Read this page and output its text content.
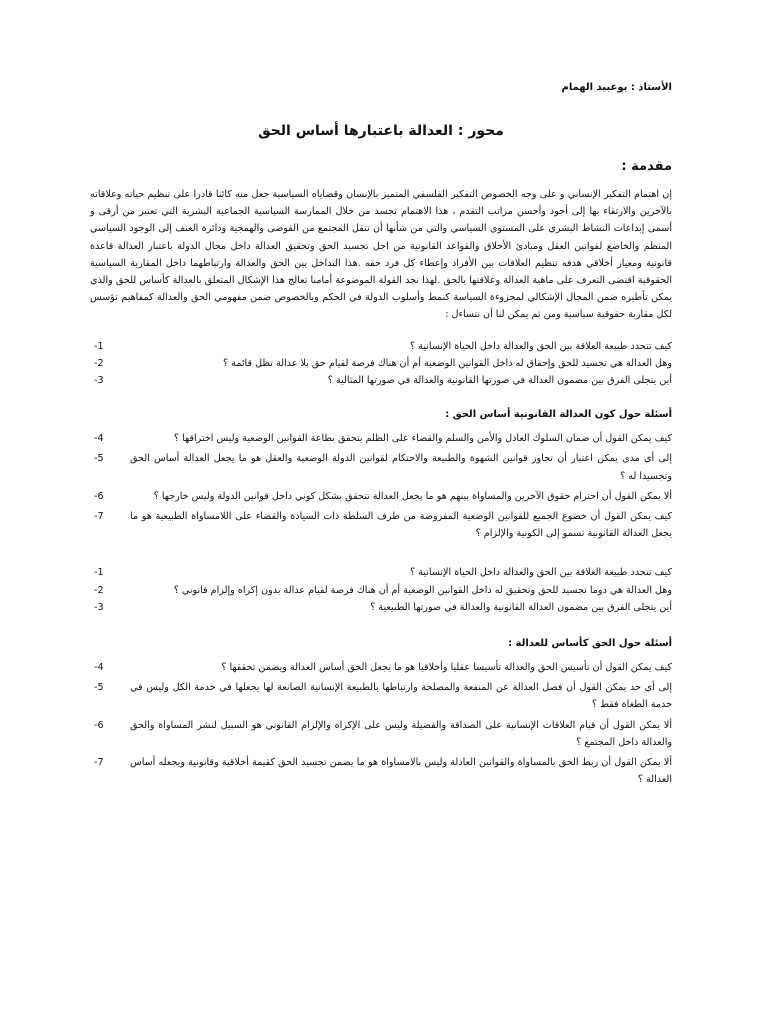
الأستاذ : بوعبيد الهمام
محور : العدالة باعتبارها أساس الحق
مقدمة :

إن اهتمام التفكير الإنساني و على وجه الخصوص التفكير الفلسفي المتميز بالإنسان وقضاياه السياسية جعل منه كائنا قادرا على تنظيم حياته وعلاقاته بالآخرين والارتقاء بها إلى أجود وأحسن مراتب التقدم ، هذا الاهتمام تجسد من خلال الممارسة السياسية الجماعية البشرية التي تعتبر من أرقى و أسمى إبداعات النشاط البشري على المستوى السياسي والتي من شأنها أن تنقل المجتمع من الفوضى والهمجية ودائرة العنف إلى الوجود السياسي المنظم والخاضع لقوانين العقل ومبادئ الأخلاق والقواعد القانونية من اجل تجسيد الحق وتحقيق العدالة داخل مجال الدولة باعتبار العدالة قاعدة قانونية ومعيار أخلاقي هدفه تنظيم العلاقات بين الأفراد وإعطاء كل فرد حقه .هذا التداخل بين الحق والعدالة وارتباطهما داخل المقاربة السياسية الحقوقية اقتضى التعرف على ماهية العدالة وعلاقتها بالحق .لهذا نجد القولة الموضوعة أمامنا تعالج هذا الإشكال المتعلق بالعدالة كأساس للحق والذي يمكن تأطيره ضمن المجال الإشكالي لمجزوءة السياسة كنمط وأسلوب الدولة في الحكم وبالخصوص ضمن مفهومي الحق والعدالة كمفاهيم تؤسس لكل مقاربة حقوقية سياسية ومن ثم يمكن لنا أن نتساءل :

كيف تتحدد طبيعة العلاقة بين الحق والعدالة داخل الحياة الإنسانية ؟
-1
وهل العدالة هي تجسيد للحق وإحقاق له داخل القوانين الوضعية أم أن هناك فرصة لقيام حق بلا عدالة تظل قائمة ؟
-2
أين يتجلى الفرق بين مضمون العدالة في صورتها القانونية والعدالة في صورتها المثالية ؟
-3
أسئلة حول كون العدالة القانونية أساس الحق :
كيف يمكن القول أن ضمان السلوك العادل والأمن والسلم والقضاء على الظلم يتحقق بطاعة القوانين الوضعية وليس اختراقها ؟
-4
إلى أي مدى يمكن اعتبار أن تجاوز قوانين الشهوة والطبيعة والاحتكام لقوانين الدولة الوضعية والعقل هو ما يجعل العدالة أساس الحق وتجسيدا له ؟
-5
ألا يمكن القول أن احترام حقوق الآخرين والمساواة بينهم هو ما يجعل العدالة تتحقق بشكل كوني داخل قوانين الدولة وليس خارجها ؟
-6
كيف يمكن القول أن خضوع الجميع للقوانين الوضعية المفروضة من طرف السلطة ذات السيادة والقضاء على اللامساواة الطبيعية هو ما يجعل العدالة القانونية تسمو إلى الكونية والإلزام ؟
-7
كيف تتحدد طبيعة العلاقة بين الحق والعدالة داخل الحياة الإنسانية ؟
-1
وهل العدالة هي دوما تجسيد للحق وتحقيق له داخل القوانين الوضعية أم أن هناك فرصة لقيام عدالة بدون إكراه وإلزام قانوني ؟
-2
أين يتجلى الفرق بين مضمون العدالة القانونية والعدالة في صورتها الطبيعية ؟
-3
أسئلة حول الحق كأساس للعدالة :
كيف يمكن القول أن تأسيس الحق والعدالة تأسيسا عقليا وأخلاقيا هو ما يجعل الحق أساس العدالة ويضمن تحققها ؟
-4
إلى أي حد يمكن القول أن فصل العدالة عن المنفعة والمصلحة وارتباطها بالطبيعة الإنسانية الصانعة لها يجعلها في خدمة الكل وليس في خدمة الطغاة فقط ؟
-5
ألا يمكن القول أن قيام العلاقات الإنسانية على الصداقة والفضيلة وليس على الإكراه والإلزام القانوني هو السبيل لنشر المساواة والحق والعدالة داخل المجتمع ؟
-6
ألا يمكن القول أن ربط الحق بالمساواة والقوانين العادلة وليس بالامساواة هو ما يضمن تجسيد الحق كقيمة أخلاقية وقانونية ويجعله أساس العدالة ؟
-7
